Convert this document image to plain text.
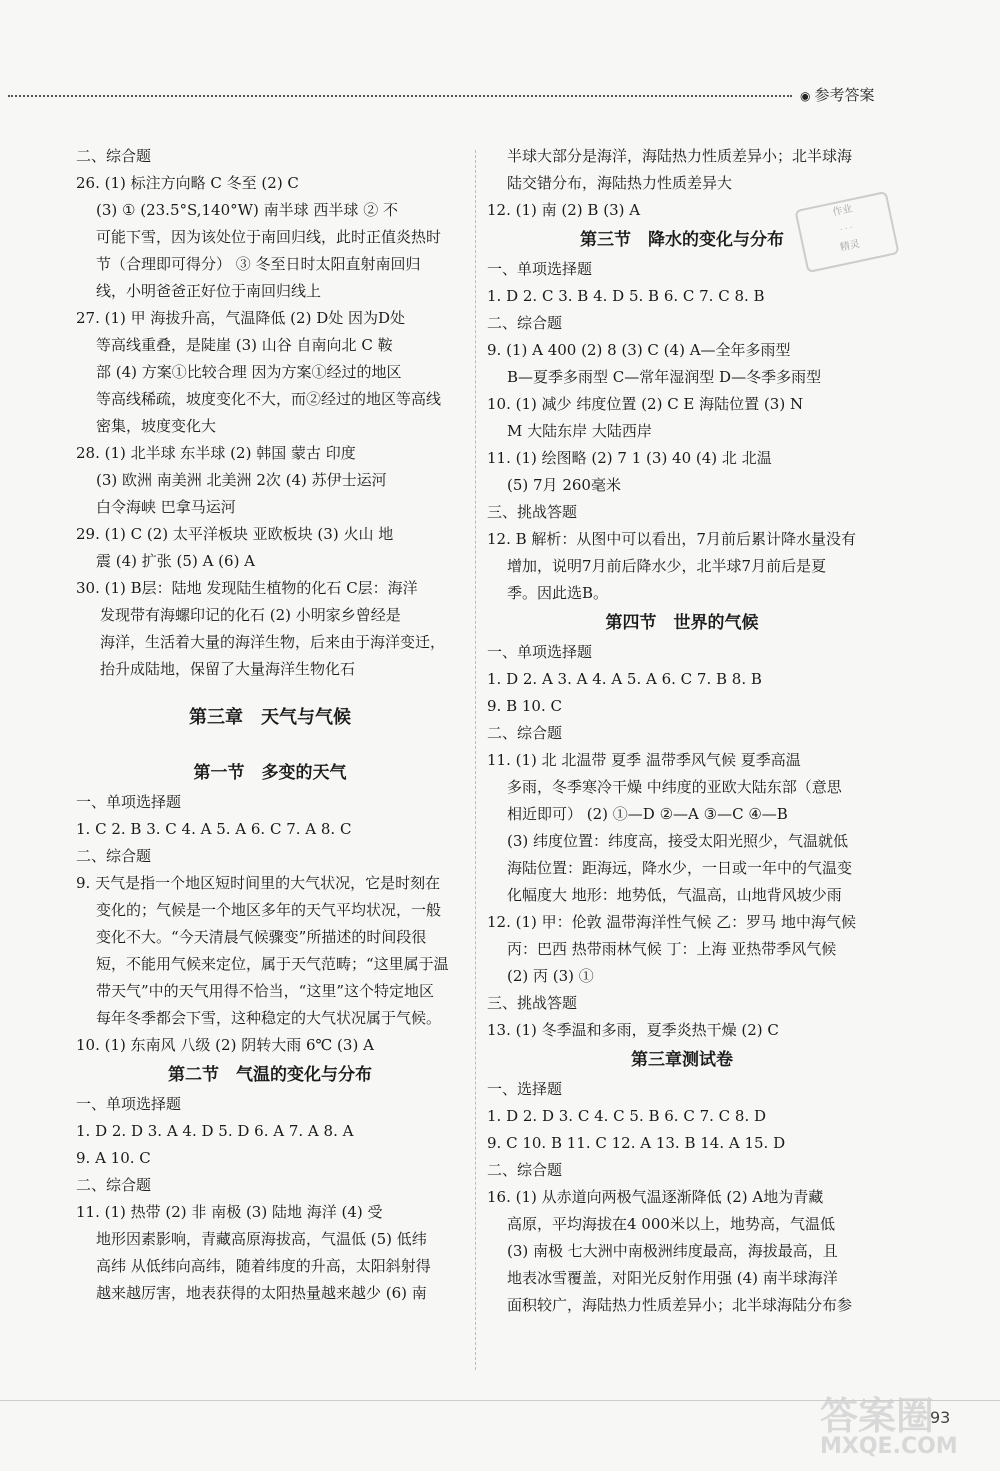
◉ 参考答案
二、综合题
26. (1) 标注方向略 C 冬至 (2) C
(3) ① (23.5°S,140°W) 南半球 西半球 ② 不
可能下雪，因为该处位于南回归线，此时正值炎热时
节（合理即可得分） ③ 冬至日时太阳直射南回归
线，小明爸爸正好位于南回归线上
27. (1) 甲 海拔升高，气温降低 (2) D处 因为D处
等高线重叠，是陡崖 (3) 山谷 自南向北 C 鞍
部 (4) 方案①比较合理 因为方案①经过的地区
等高线稀疏，坡度变化不大，而②经过的地区等高线
密集，坡度变化大
28. (1) 北半球 东半球 (2) 韩国 蒙古 印度
(3) 欧洲 南美洲 北美洲 2次 (4) 苏伊士运河
白令海峡 巴拿马运河
29. (1) C (2) 太平洋板块 亚欧板块 (3) 火山 地
震 (4) 扩张 (5) A (6) A
30. (1) B层：陆地 发现陆生植物的化石 C层：海洋
发现带有海螺印记的化石 (2) 小明家乡曾经是
海洋，生活着大量的海洋生物，后来由于海洋变迁，
抬升成陆地，保留了大量海洋生物化石
第三章　天气与气候
第一节　多变的天气
一、单项选择题
1. C 2. B 3. C 4. A 5. A 6. C 7. A 8. C
二、综合题
9. 天气是指一个地区短时间里的大气状况，它是时刻在
变化的；气候是一个地区多年的天气平均状况，一般
变化不大。“今天清晨气候骤变”所描述的时间段很
短，不能用气候来定位，属于天气范畴；“这里属于温
带天气”中的天气用得不恰当，“这里”这个特定地区
每年冬季都会下雪，这种稳定的大气状况属于气候。
10. (1) 东南风 八级 (2) 阴转大雨 6℃ (3) A
第二节　气温的变化与分布
一、单项选择题
1. D 2. D 3. A 4. D 5. D 6. A 7. A 8. A
9. A 10. C
二、综合题
11. (1) 热带 (2) 非 南极 (3) 陆地 海洋 (4) 受
地形因素影响，青藏高原海拔高，气温低 (5) 低纬
高纬 从低纬向高纬，随着纬度的升高，太阳斜射得
越来越厉害，地表获得的太阳热量越来越少 (6) 南
半球大部分是海洋，海陆热力性质差异小；北半球海
陆交错分布，海陆热力性质差异大
12. (1) 南 (2) B (3) A
第三节　降水的变化与分布
一、单项选择题
1. D 2. C 3. B 4. D 5. B 6. C 7. C 8. B
二、综合题
9. (1) A 400 (2) 8 (3) C (4) A—全年多雨型
B—夏季多雨型 C—常年湿润型 D—冬季多雨型
10. (1) 减少 纬度位置 (2) C E 海陆位置 (3) N
M 大陆东岸 大陆西岸
11. (1) 绘图略 (2) 7 1 (3) 40 (4) 北 北温
(5) 7月 260毫米
三、挑战答题
12. B 解析：从图中可以看出，7月前后累计降水量没有
增加，说明7月前后降水少，北半球7月前后是夏
季。因此选B。
第四节　世界的气候
一、单项选择题
1. D 2. A 3. A 4. A 5. A 6. C 7. B 8. B
9. B 10. C
二、综合题
11. (1) 北 北温带 夏季 温带季风气候 夏季高温
多雨，冬季寒冷干燥 中纬度的亚欧大陆东部（意思
相近即可） (2) ①—D ②—A ③—C ④—B
(3) 纬度位置：纬度高，接受太阳光照少，气温就低
海陆位置：距海远，降水少，一日或一年中的气温变
化幅度大 地形：地势低，气温高，山地背风坡少雨
12. (1) 甲：伦敦 温带海洋性气候 乙：罗马 地中海气候
丙：巴西 热带雨林气候 丁：上海 亚热带季风气候
(2) 丙 (3) ①
三、挑战答题
13. (1) 冬季温和多雨，夏季炎热干燥 (2) C
第三章测试卷
一、选择题
1. D 2. D 3. C 4. C 5. B 6. C 7. C 8. D
9. C 10. B 11. C 12. A 13. B 14. A 15. D
二、综合题
16. (1) 从赤道向两极气温逐渐降低 (2) A地为青藏
高原，平均海拔在4 000米以上，地势高，气温低
(3) 南极 七大洲中南极洲纬度最高，海拔最高，且
地表冰雪覆盖，对阳光反射作用强 (4) 南半球海洋
面积较广，海陆热力性质差异小；北半球海陆分布参
作业
· · ·
精灵
答案圈
MXQE.COM
93
